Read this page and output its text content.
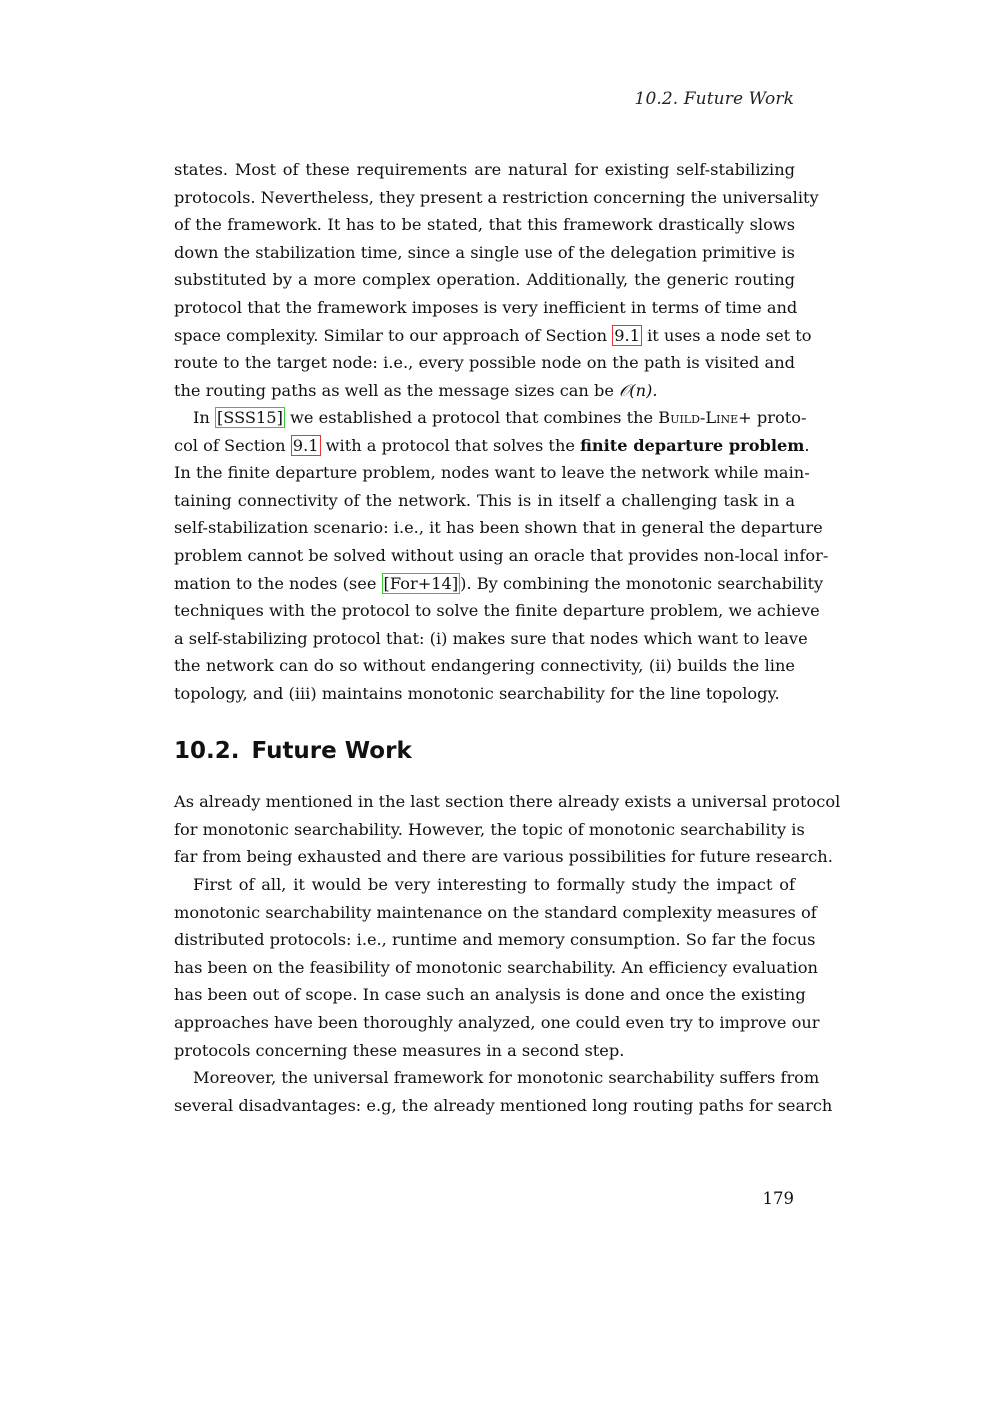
10.2. Future Work
states. Most of these requirements are natural for existing self-stabilizing
protocols. Nevertheless, they present a restriction concerning the universality
of the framework. It has to be stated, that this framework drastically slows
down the stabilization time, since a single use of the delegation primitive is
substituted by a more complex operation. Additionally, the generic routing
protocol that the framework imposes is very inefficient in terms of time and
space complexity. Similar to our approach of Section 9.1 it uses a node set to
route to the target node: i.e., every possible node on the path is visited and
the routing paths as well as the message sizes can be 𝒪(n).
In [SSS15] we established a protocol that combines the Build-Line+ proto-
col of Section 9.1 with a protocol that solves the finite departure problem.
In the finite departure problem, nodes want to leave the network while main-
taining connectivity of the network. This is in itself a challenging task in a
self-stabilization scenario: i.e., it has been shown that in general the departure
problem cannot be solved without using an oracle that provides non-local infor-
mation to the nodes (see [For+14] ). By combining the monotonic searchability
techniques with the protocol to solve the finite departure problem, we achieve
a self-stabilizing protocol that: (i) makes sure that nodes which want to leave
the network can do so without endangering connectivity, (ii) builds the line
topology, and (iii) maintains monotonic searchability for the line topology.
10.2. Future Work
As already mentioned in the last section there already exists a universal protocol
for monotonic searchability. However, the topic of monotonic searchability is
far from being exhausted and there are various possibilities for future research.
First of all, it would be very interesting to formally study the impact of
monotonic searchability maintenance on the standard complexity measures of
distributed protocols: i.e., runtime and memory consumption. So far the focus
has been on the feasibility of monotonic searchability. An efficiency evaluation
has been out of scope. In case such an analysis is done and once the existing
approaches have been thoroughly analyzed, one could even try to improve our
protocols concerning these measures in a second step.
Moreover, the universal framework for monotonic searchability suffers from
several disadvantages: e.g, the already mentioned long routing paths for search
179
